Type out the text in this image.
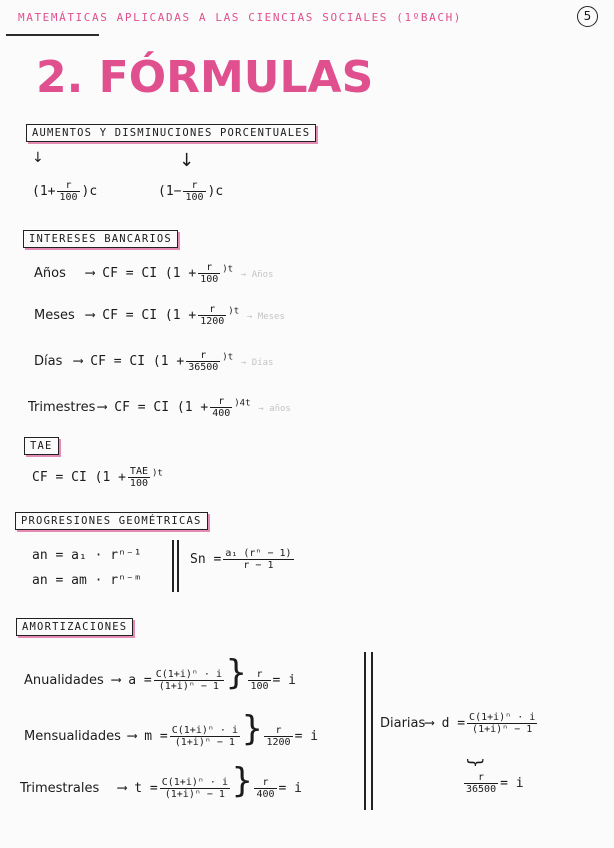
MATEMÁTICAS APLICADAS A LAS CIENCIAS SOCIALES (1ºBACH)	5
2. FÓRMULAS
AUMENTOS Y DISMINUCIONES PORCENTUALES
↓	↓
$(1+ \frac{r}{100} )c$	$(1- \frac{r}{100} )c$
INTERESES BANCARIOS
Años ⟶ CF = CI ($1 + \frac{r}{100} ^{)t}$ → Años
Meses ⟶ CF = CI ($1 + \frac{r}{1200} ^{)t}$ → Meses
Días ⟶ CF = CI ($1 + \frac{r}{36500} ^{)t}$ → Días
Trimestres ⟶ CF = CI ($1 + \frac{r}{400} ^{)4t}$ → años
TAE
CF = CI ($1 + \frac{\text{TAE}}{100} ^{)t}$
PROGRESIONES GEOMÉTRICAS
an = a₁ · rⁿ⁻¹
an = am · rⁿ⁻ᵐ
$Sn = \frac{\text{a₁ (rⁿ − 1)}}{r - 1}$
AMORTIZACIONES
Anualidades ⟶ $a = \frac{\text{C(1+i)ⁿ · i}}{\text{(1+i)ⁿ − 1}}$ } $\frac{r}{100} = i$
Mensualidades ⟶ $m = \frac{\text{C(1+i)ⁿ · i}}{\text{(1+i)ⁿ − 1}}$ } $\frac{r}{1200} = i$
Trimestrales ⟶ $t = \frac{\text{C(1+i)ⁿ · i}}{\text{(1+i)ⁿ − 1}}$ } $\frac{r}{400} = i$
Diarias⟶ $d = \frac{\text{C(1+i)ⁿ · i}}{\text{(1+i)ⁿ − 1}}$
}
$\frac{r}{36500} = i$
